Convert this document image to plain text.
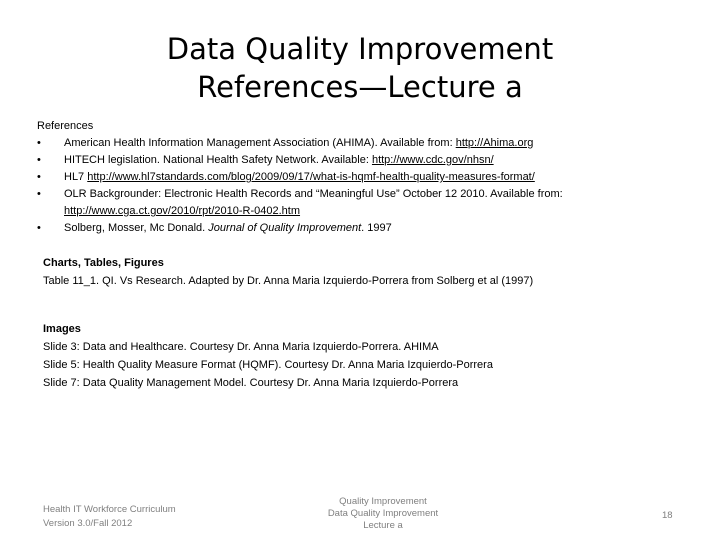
Data Quality Improvement
References—Lecture a
References
• American Health Information Management Association (AHIMA). Available from: http://Ahima.org
• HITECH legislation. National Health Safety Network. Available: http://www.cdc.gov/nhsn/
• HL7 http://www.hl7standards.com/blog/2009/09/17/what-is-hqmf-health-quality-measures-format/
• OLR Backgrounder: Electronic Health Records and “Meaningful Use” October 12 2010. Available from: http://www.cga.ct.gov/2010/rpt/2010-R-0402.htm
• Solberg, Mosser, Mc Donald. Journal of Quality Improvement. 1997
Charts, Tables, Figures
Table 11_1. QI. Vs Research. Adapted by Dr. Anna Maria Izquierdo-Porrera from Solberg et al (1997)
Images
Slide 3: Data and Healthcare. Courtesy Dr. Anna Maria Izquierdo-Porrera. AHIMA
Slide 5: Health Quality Measure Format (HQMF). Courtesy Dr. Anna Maria Izquierdo-Porrera
Slide 7: Data Quality Management Model. Courtesy Dr. Anna Maria Izquierdo-Porrera
Health IT Workforce Curriculum
Version 3.0/Fall 2012
Quality Improvement
Data Quality Improvement
Lecture a
18
